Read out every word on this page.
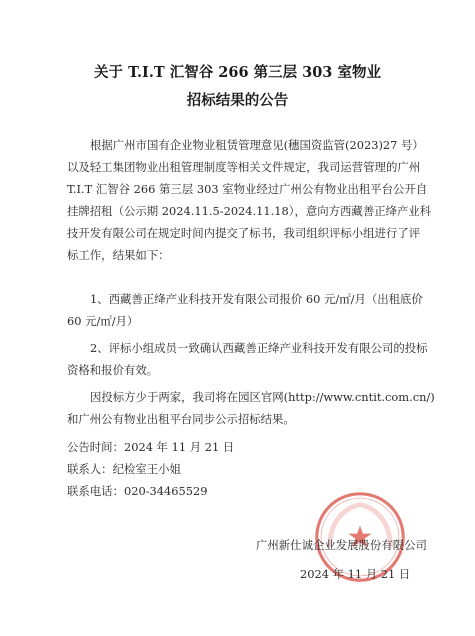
关于 T.I.T 汇智谷 266 第三层 303 室物业
招标结果的公告
根据广州市国有企业物业租赁管理意见(穗国资监管(2023)27 号）
以及轻工集团物业出租管理制度等相关文件规定，我司运营管理的广州
T.I.T 汇智谷 266 第三层 303 室物业经过广州公有物业出租平台公开自
挂牌招租（公示期 2024.11.5-2024.11.18），意向方西藏善正绛产业科
技开发有限公司在规定时间内提交了标书，我司组织评标小组进行了评
标工作，结果如下：
1、西藏善正绛产业科技开发有限公司报价 60 元/㎡/月（出租底价
60 元/㎡/月）
2、评标小组成员一致确认西藏善正绛产业科技开发有限公司的投标
资格和报价有效。
因投标方少于两家，我司将在园区官网(http://www.cntit.com.cn/)
和广州公有物业出租平台同步公示招标结果。
公告时间：2024 年 11 月 21 日
联系人：纪检室王小姐
联系电话：020-34465529
广州新仕诚企业发展股份有限公司
2024 年 11 月 21 日
